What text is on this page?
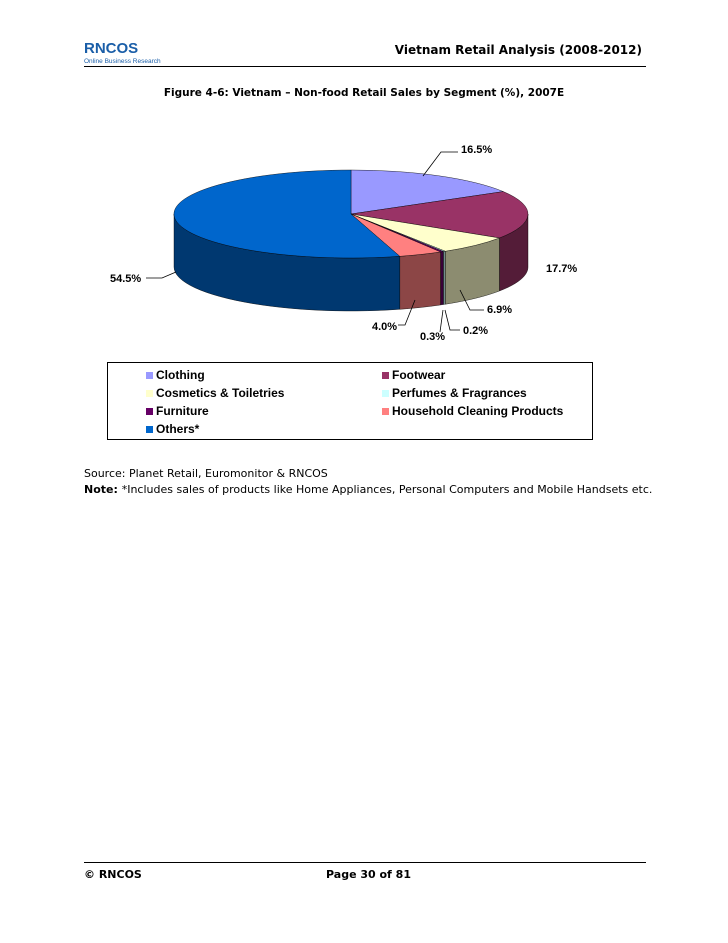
RNCOS
Online Business Research
Vietnam Retail Analysis (2008-2012)
Figure 4-6: Vietnam – Non-food Retail Sales by Segment (%), 2007E
16.5%
17.7%
6.9%
0.2%
0.3%
4.0%
54.5%
Clothing	Footwear
Cosmetics & Toiletries	Perfumes & Fragrances
Furniture	Household Cleaning Products
Others*
Source: Planet Retail, Euromonitor & RNCOS
Note: *Includes sales of products like Home Appliances, Personal Computers and Mobile Handsets etc.
© RNCOS	Page 30 of 81
